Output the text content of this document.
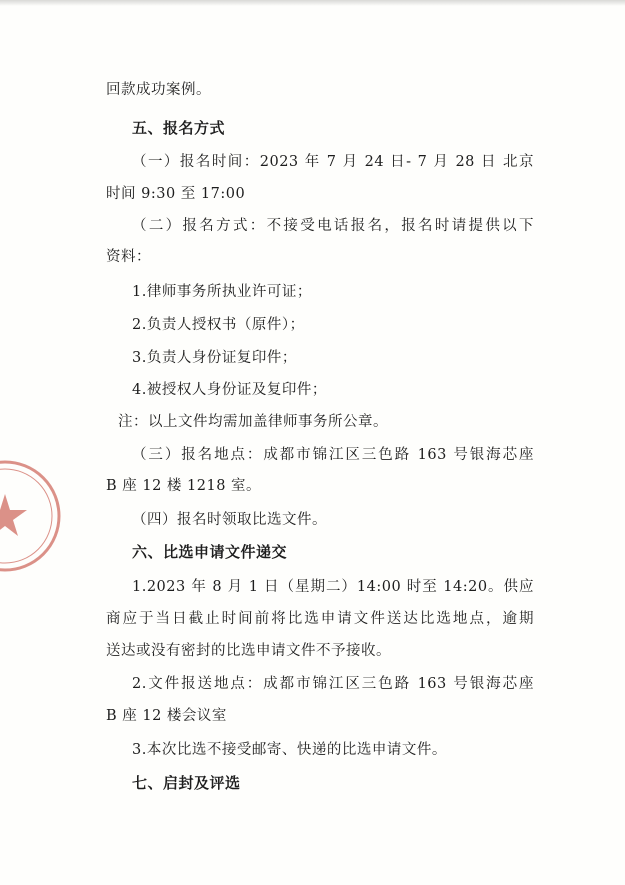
回款成功案例。
五、报名方式
（一）报名时间：2023 年 7 月 24 日- 7 月 28 日 北京
时间 9:30 至 17:00
（二）报名方式：不接受电话报名，报名时请提供以下
资料：
1.律师事务所执业许可证；
2.负责人授权书（原件）；
3.负责人身份证复印件；
4.被授权人身份证及复印件；
注：以上文件均需加盖律师事务所公章。
（三）报名地点：成都市锦江区三色路 163 号银海芯座
B 座 12 楼 1218 室。
（四）报名时领取比选文件。
六、比选申请文件递交
1.2023 年 8 月 1 日（星期二）14:00 时至 14:20。供应
商应于当日截止时间前将比选申请文件送达比选地点，逾期
送达或没有密封的比选申请文件不予接收。
2.文件报送地点：成都市锦江区三色路 163 号银海芯座
B 座 12 楼会议室
3.本次比选不接受邮寄、快递的比选申请文件。
七、启封及评选
